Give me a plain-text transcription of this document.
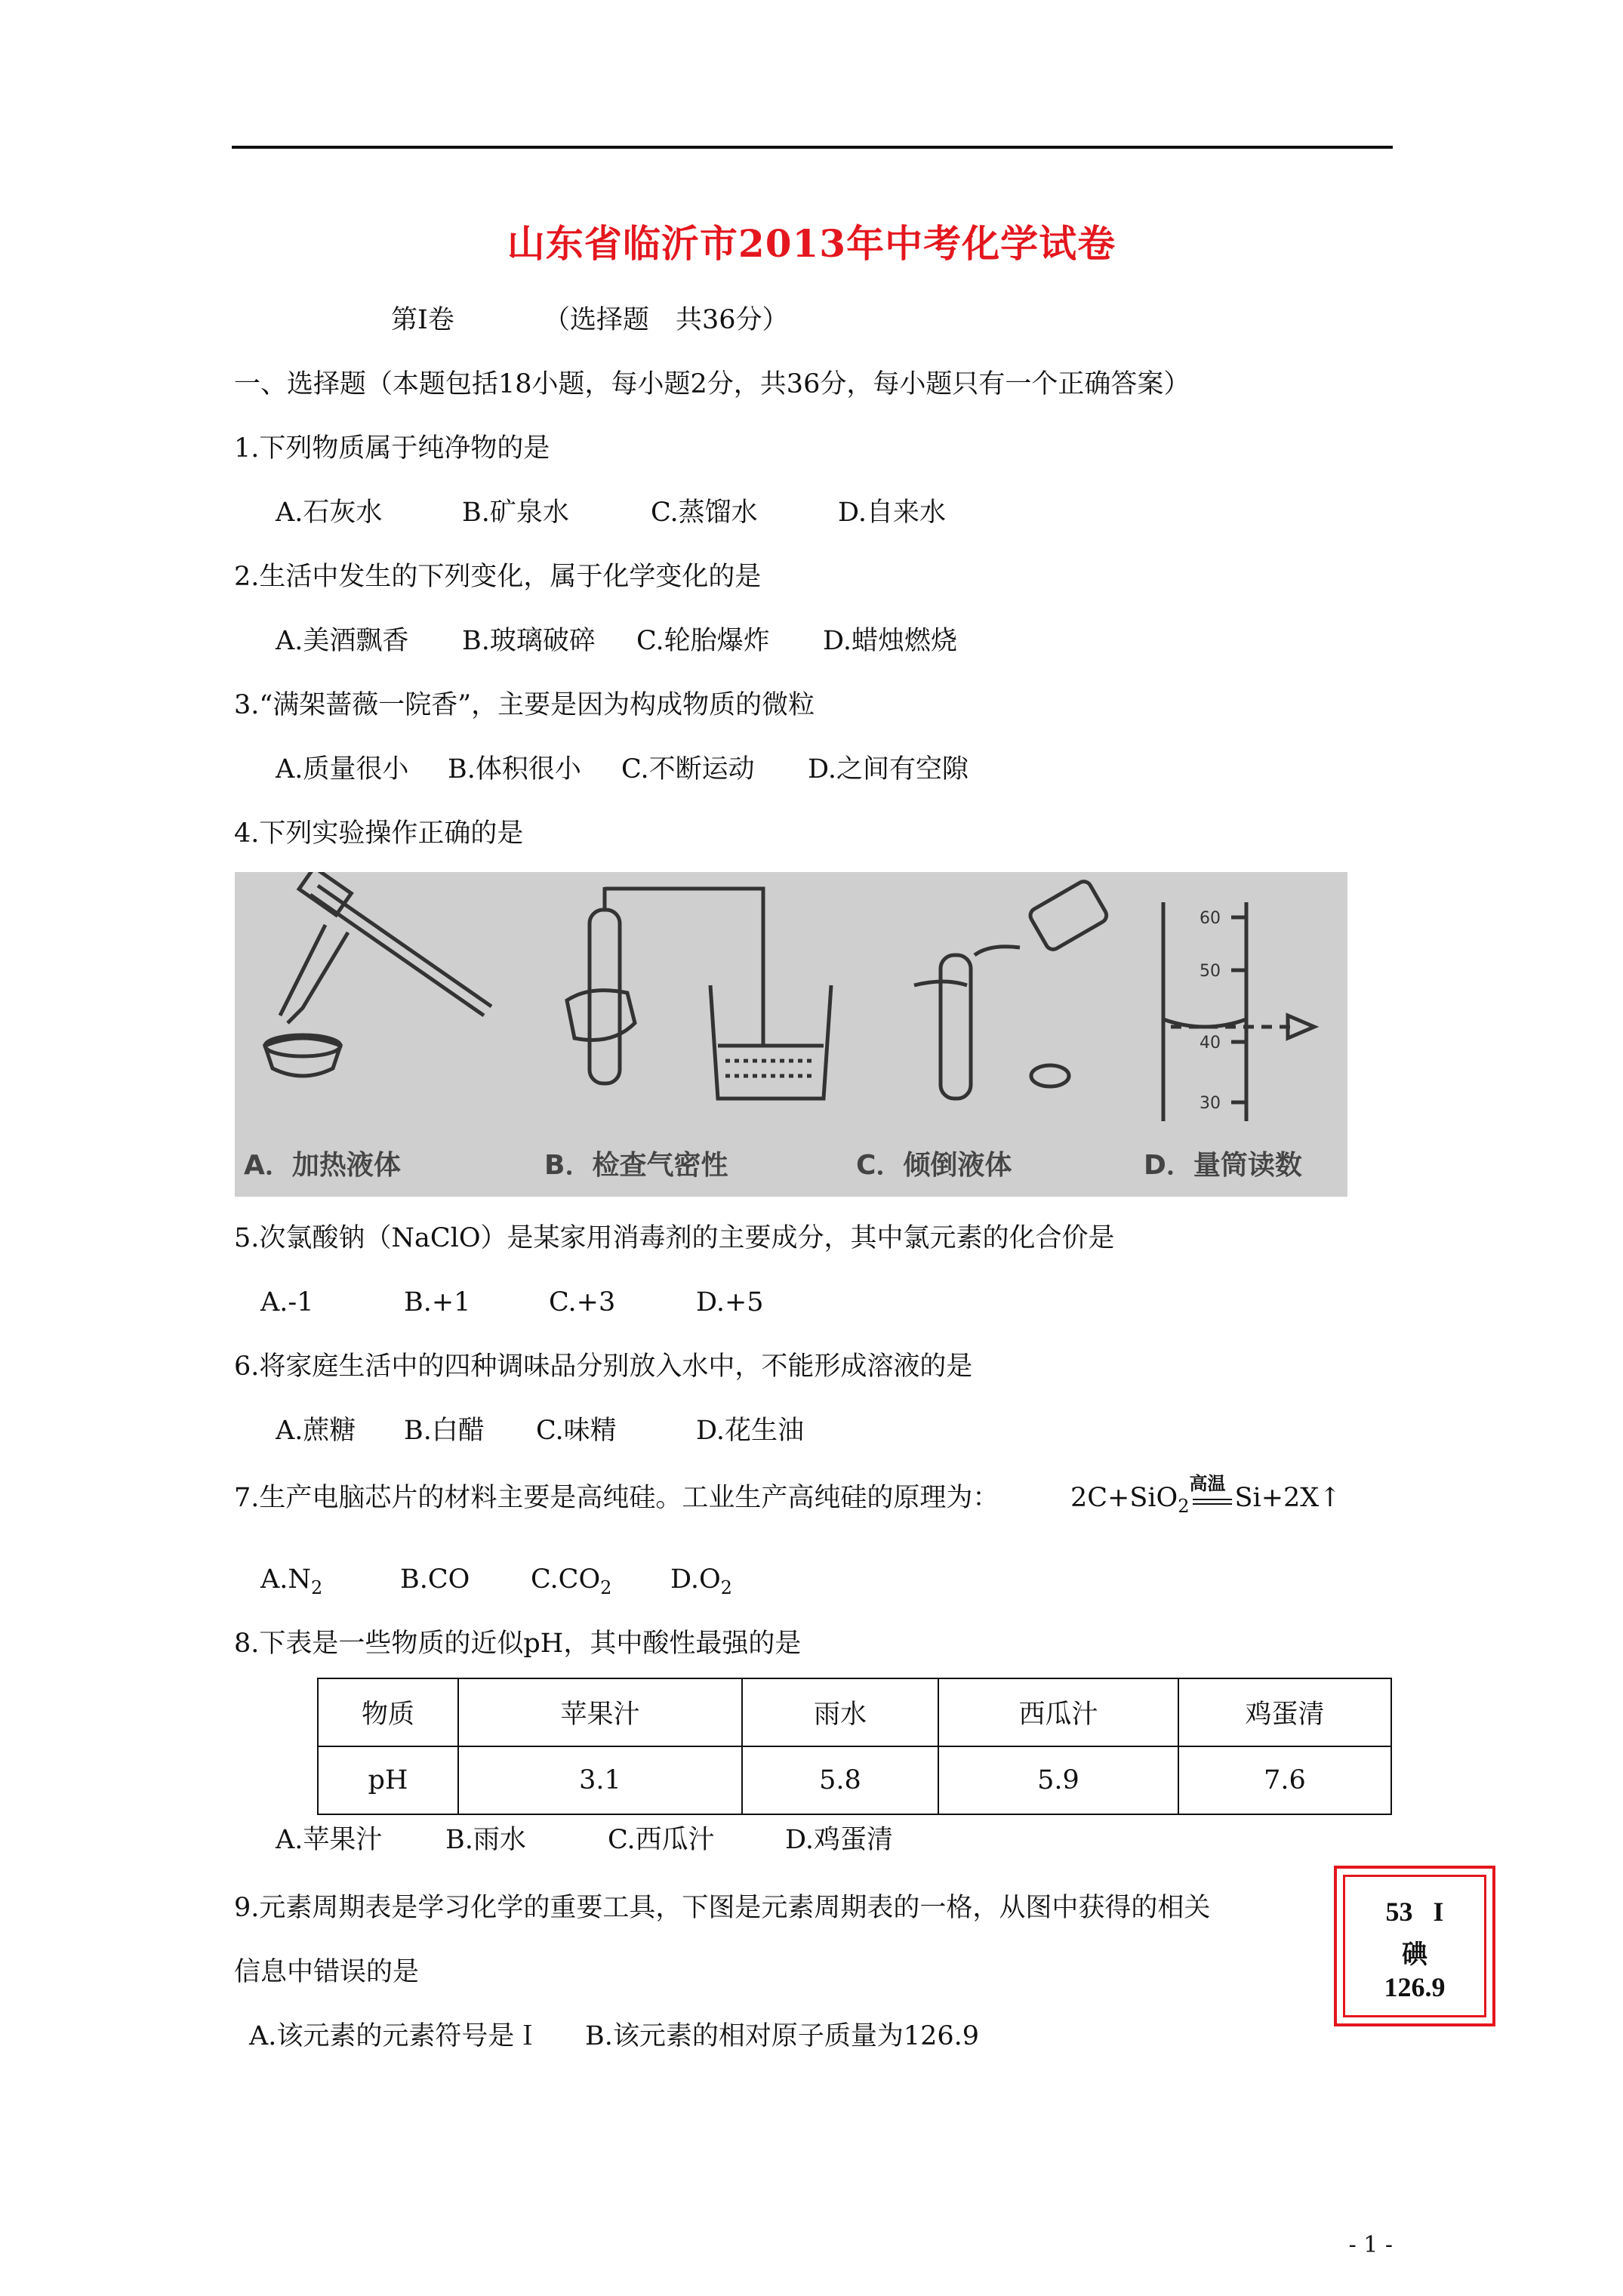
山东省临沂市2013年中考化学试卷
第Ⅰ卷	（选择题　共36分）
一、选择题（本题包括18小题，每小题2分，共36分，每小题只有一个正确答案）
1.下列物质属于纯净物的是
A.石灰水	B.矿泉水	C.蒸馏水	D.自来水
2.生活中发生的下列变化，属于化学变化的是
A.美酒飘香 B.玻璃破碎 C.轮胎爆炸 D.蜡烛燃烧
3.“满架蔷薇一院香”，主要是因为构成物质的微粒
A.质量很小 B.体积很小 C.不断运动 D.之间有空隙
4.下列实验操作正确的是
60
50
40
30
A．加热液体	B．检查气密性	C．倾倒液体	D．量筒读数
5.次氯酸钠（NaClO）是某家用消毒剂的主要成分，其中氯元素的化合价是
A.-1	B.+1	C.+3	D.+5
6.将家庭生活中的四种调味品分别放入水中，不能形成溶液的是
A.蔗糖 B.白醋 C.味精	D.花生油
7.生产电脑芯片的材料主要是高纯硅。工业生产高纯硅的原理为：	2C+SiO$_2$
高温 Si+2X↑
$A.N_2$	B.CO $C.CO_2$ $D.O_2$
8.下表是一些物质的近似pH，其中酸性最强的是
物质	苹果汁	雨水	西瓜汁	鸡蛋清
pH	3.1	5.8	5.9	7.6
A.苹果汁 B.雨水	C.西瓜汁	D.鸡蛋清
9.元素周期表是学习化学的重要工具，下图是元素周期表的一格，从图中获得的相关
信息中错误的是
A.该元素的元素符号是Ｉ B.该元素的相对原子质量为126.9
53 I
碘
126.9
- 1 -
